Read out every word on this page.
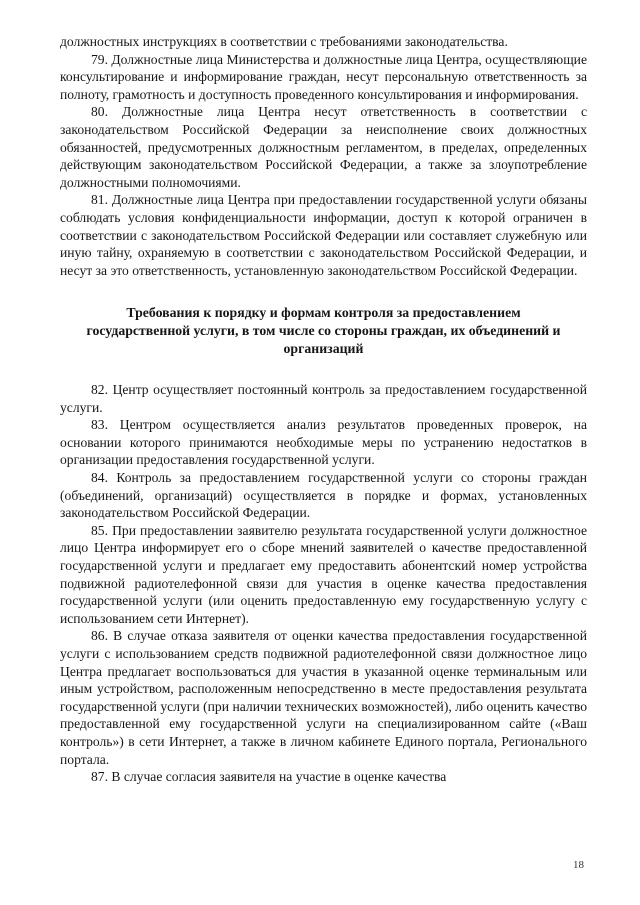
должностных инструкциях в соответствии с требованиями законодательства.

79. Должностные лица Министерства и должностные лица Центра, осуществляющие консультирование и информирование граждан, несут персональную ответственность за полноту, грамотность и доступность проведенного консультирования и информирования.

80. Должностные лица Центра несут ответственность в соответствии с законодательством Российской Федерации за неисполнение своих должностных обязанностей, предусмотренных должностным регламентом, в пределах, определенных действующим законодательством Российской Федерации, а также за злоупотребление должностными полномочиями.

81. Должностные лица Центра при предоставлении государственной услуги обязаны соблюдать условия конфиденциальности информации, доступ к которой ограничен в соответствии с законодательством Российской Федерации или составляет служебную или иную тайну, охраняемую в соответствии с законодательством Российской Федерации, и несут за это ответственность, установленную законодательством Российской Федерации.

Требования к порядку и формам контроля за предоставлением государственной услуги, в том числе со стороны граждан, их объединений и организаций

82. Центр осуществляет постоянный контроль за предоставлением государственной услуги.

83. Центром осуществляется анализ результатов проведенных проверок, на основании которого принимаются необходимые меры по устранению недостатков в организации предоставления государственной услуги.

84. Контроль за предоставлением государственной услуги со стороны граждан (объединений, организаций) осуществляется в порядке и формах, установленных законодательством Российской Федерации.

85. При предоставлении заявителю результата государственной услуги должностное лицо Центра информирует его о сборе мнений заявителей о качестве предоставленной государственной услуги и предлагает ему предоставить абонентский номер устройства подвижной радиотелефонной связи для участия в оценке качества предоставления государственной услуги (или оценить предоставленную ему государственную услугу с использованием сети Интернет).

86. В случае отказа заявителя от оценки качества предоставления государственной услуги с использованием средств подвижной радиотелефонной связи должностное лицо Центра предлагает воспользоваться для участия в указанной оценке терминальным или иным устройством, расположенным непосредственно в месте предоставления результата государственной услуги (при наличии технических возможностей), либо оценить качество предоставленной ему государственной услуги на специализированном сайте («Ваш контроль») в сети Интернет, а также в личном кабинете Единого портала, Регионального портала.

87. В случае согласия заявителя на участие в оценке качества

18
